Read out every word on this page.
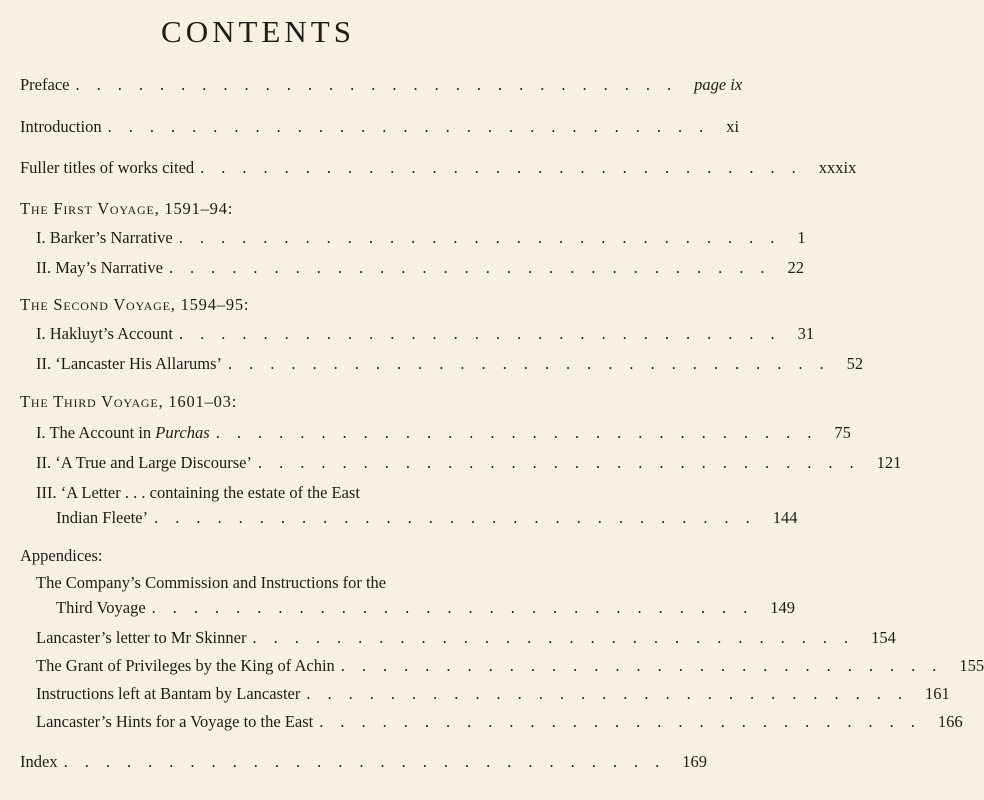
CONTENTS
Preface ............................. page ix
Introduction ............................. xi
Fuller titles of works cited ............................. xxxix
The First Voyage, 1591–94:
I. Barker’s Narrative ............................. 1
II. May’s Narrative ............................. 22
The Second Voyage, 1594–95:
I. Hakluyt’s Account ............................. 31
II. ‘Lancaster His Allarums’ ............................. 52
The Third Voyage, 1601–03:
I. The Account in Purchas ............................. 75
II. ‘A True and Large Discourse’ ............................. 121
III. ‘A Letter . . . containing the estate of the East
Indian Fleete’ ............................. 144
Appendices:
The Company’s Commission and Instructions for the
Third Voyage ............................. 149
Lancaster’s letter to Mr Skinner ............................. 154
The Grant of Privileges by the King of Achin ............................. 155
Instructions left at Bantam by Lancaster ............................. 161
Lancaster’s Hints for a Voyage to the East ............................. 166
Index ............................. 169
